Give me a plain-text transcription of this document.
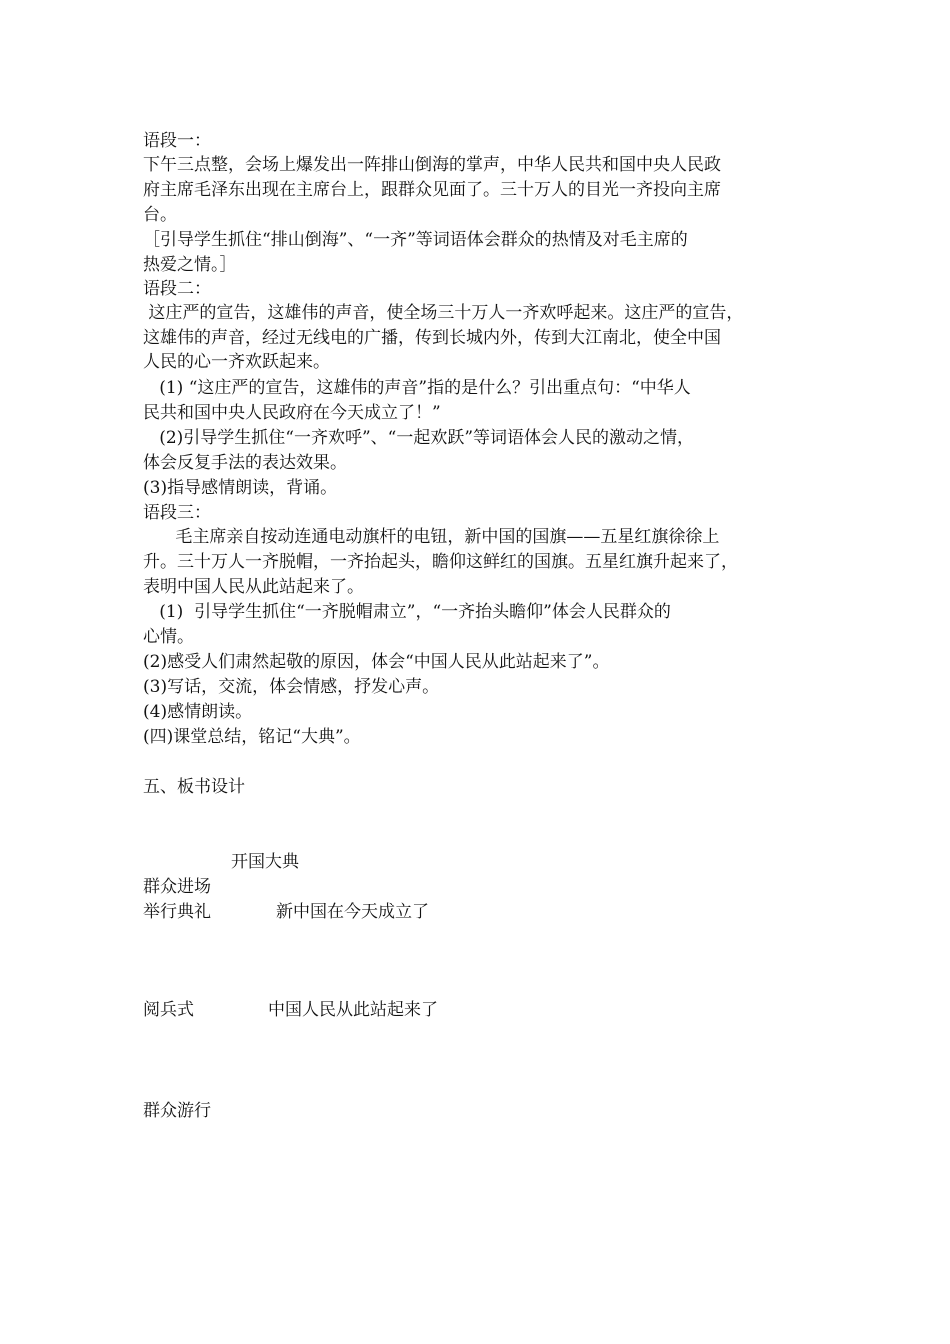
语段一：
下午三点整，会场上爆发出一阵排山倒海的掌声，中华人民共和国中央人民政
府主席毛泽东出现在主席台上，跟群众见面了。三十万人的目光一齐投向主席
台。
［引导学生抓住“排山倒海”、“一齐”等词语体会群众的热情及对毛主席的
热爱之情。］
语段二：
这庄严的宣告，这雄伟的声音，使全场三十万人一齐欢呼起来。这庄严的宣告，
这雄伟的声音，经过无线电的广播，传到长城内外，传到大江南北，使全中国
人民的心一齐欢跃起来。
(1) “这庄严的宣告，这雄伟的声音”指的是什么？引出重点句：“中华人
民共和国中央人民政府在今天成立了！”
(2)引导学生抓住“一齐欢呼”、“一起欢跃”等词语体会人民的激动之情，
体会反复手法的表达效果。
(3)指导感情朗读，背诵。
语段三：
毛主席亲自按动连通电动旗杆的电钮，新中国的国旗——五星红旗徐徐上
升。三十万人一齐脱帽，一齐抬起头，瞻仰这鲜红的国旗。五星红旗升起来了，
表明中国人民从此站起来了。
(1)  引导学生抓住“一齐脱帽肃立”，“一齐抬头瞻仰”体会人民群众的
心情。
(2)感受人们肃然起敬的原因，体会“中国人民从此站起来了”。
(3)写话，交流，体会情感，抒发心声。
(4)感情朗读。
(四)课堂总结，铭记“大典”。
五、板书设计
开国大典
群众进场
举行典礼	新中国在今天成立了
阅兵式	中国人民从此站起来了
群众游行
